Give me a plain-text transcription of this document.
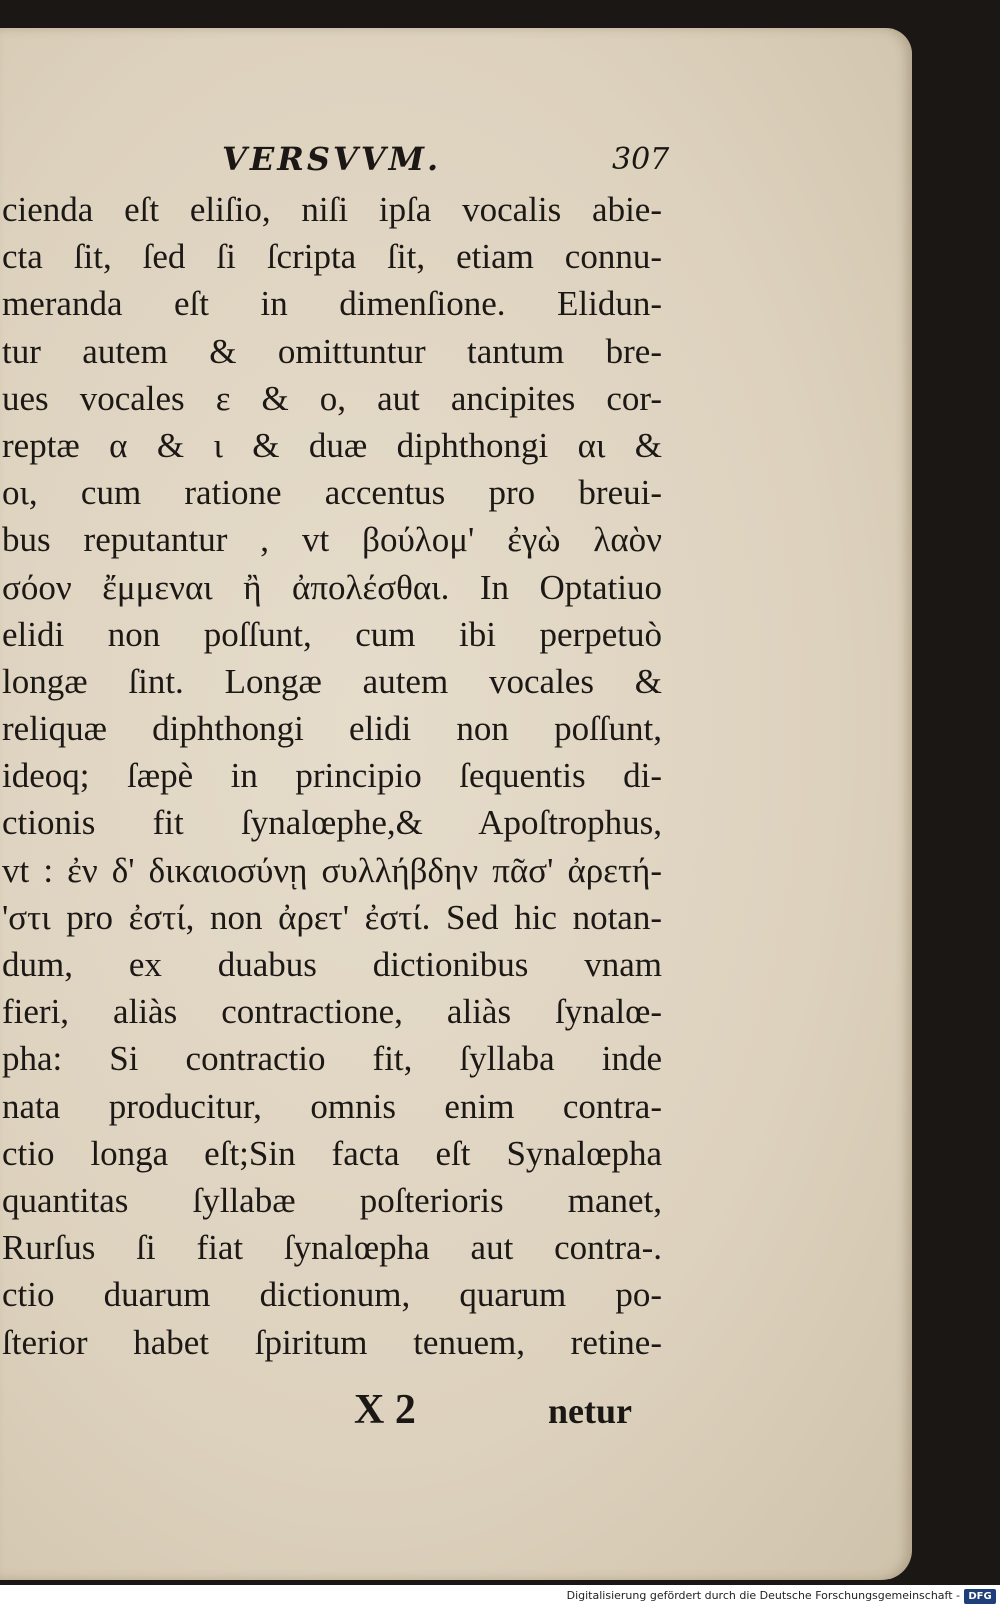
VERSVVM.	307
cienda eſt eliſio, niſi ipſa vocalis abie-
cta ſit, ſed ſi ſcripta ſit, etiam connu-
meranda eſt in dimenſione. Elidun-
tur autem & omittuntur tantum bre-
ues vocales ε & ο, aut ancipites cor-
reptæ α & ι & duæ diphthongi αι &
οι, cum ratione accentus pro breui-
bus reputantur , vt βούλομ' ἐγὼ λαὸν
σόον ἔμμεναι ἢ ἀπολέσθαι. In Optatiuo
elidi non poſſunt, cum ibi perpetuò
longæ ſint. Longæ autem vocales &
reliquæ diphthongi elidi non poſſunt,
ideoq; ſæpè in principio ſequentis di-
ctionis fit ſynalœphe,& Apoſtrophus,
vt : ἐν δ' δικαιοσύνῃ συλλήβδην πᾶσ' ἀρετή-
'στι pro ἐστί, non ἀρετ' ἐστί. Sed hic notan-
dum, ex duabus dictionibus vnam
fieri, aliàs contractione, aliàs ſynalœ-
pha: Si contractio fit, ſyllaba inde
nata producitur, omnis enim contra-
ctio longa eſt;Sin facta eſt Synalœpha
quantitas ſyllabæ poſterioris manet,
Rurſus ſi fiat ſynalœpha aut contra-.
ctio duarum dictionum, quarum po-
ſterior habet ſpiritum tenuem, retine-
X 2	netur
Digitalisierung gefördert durch die Deutsche Forschungsgemeinschaft - DFG
